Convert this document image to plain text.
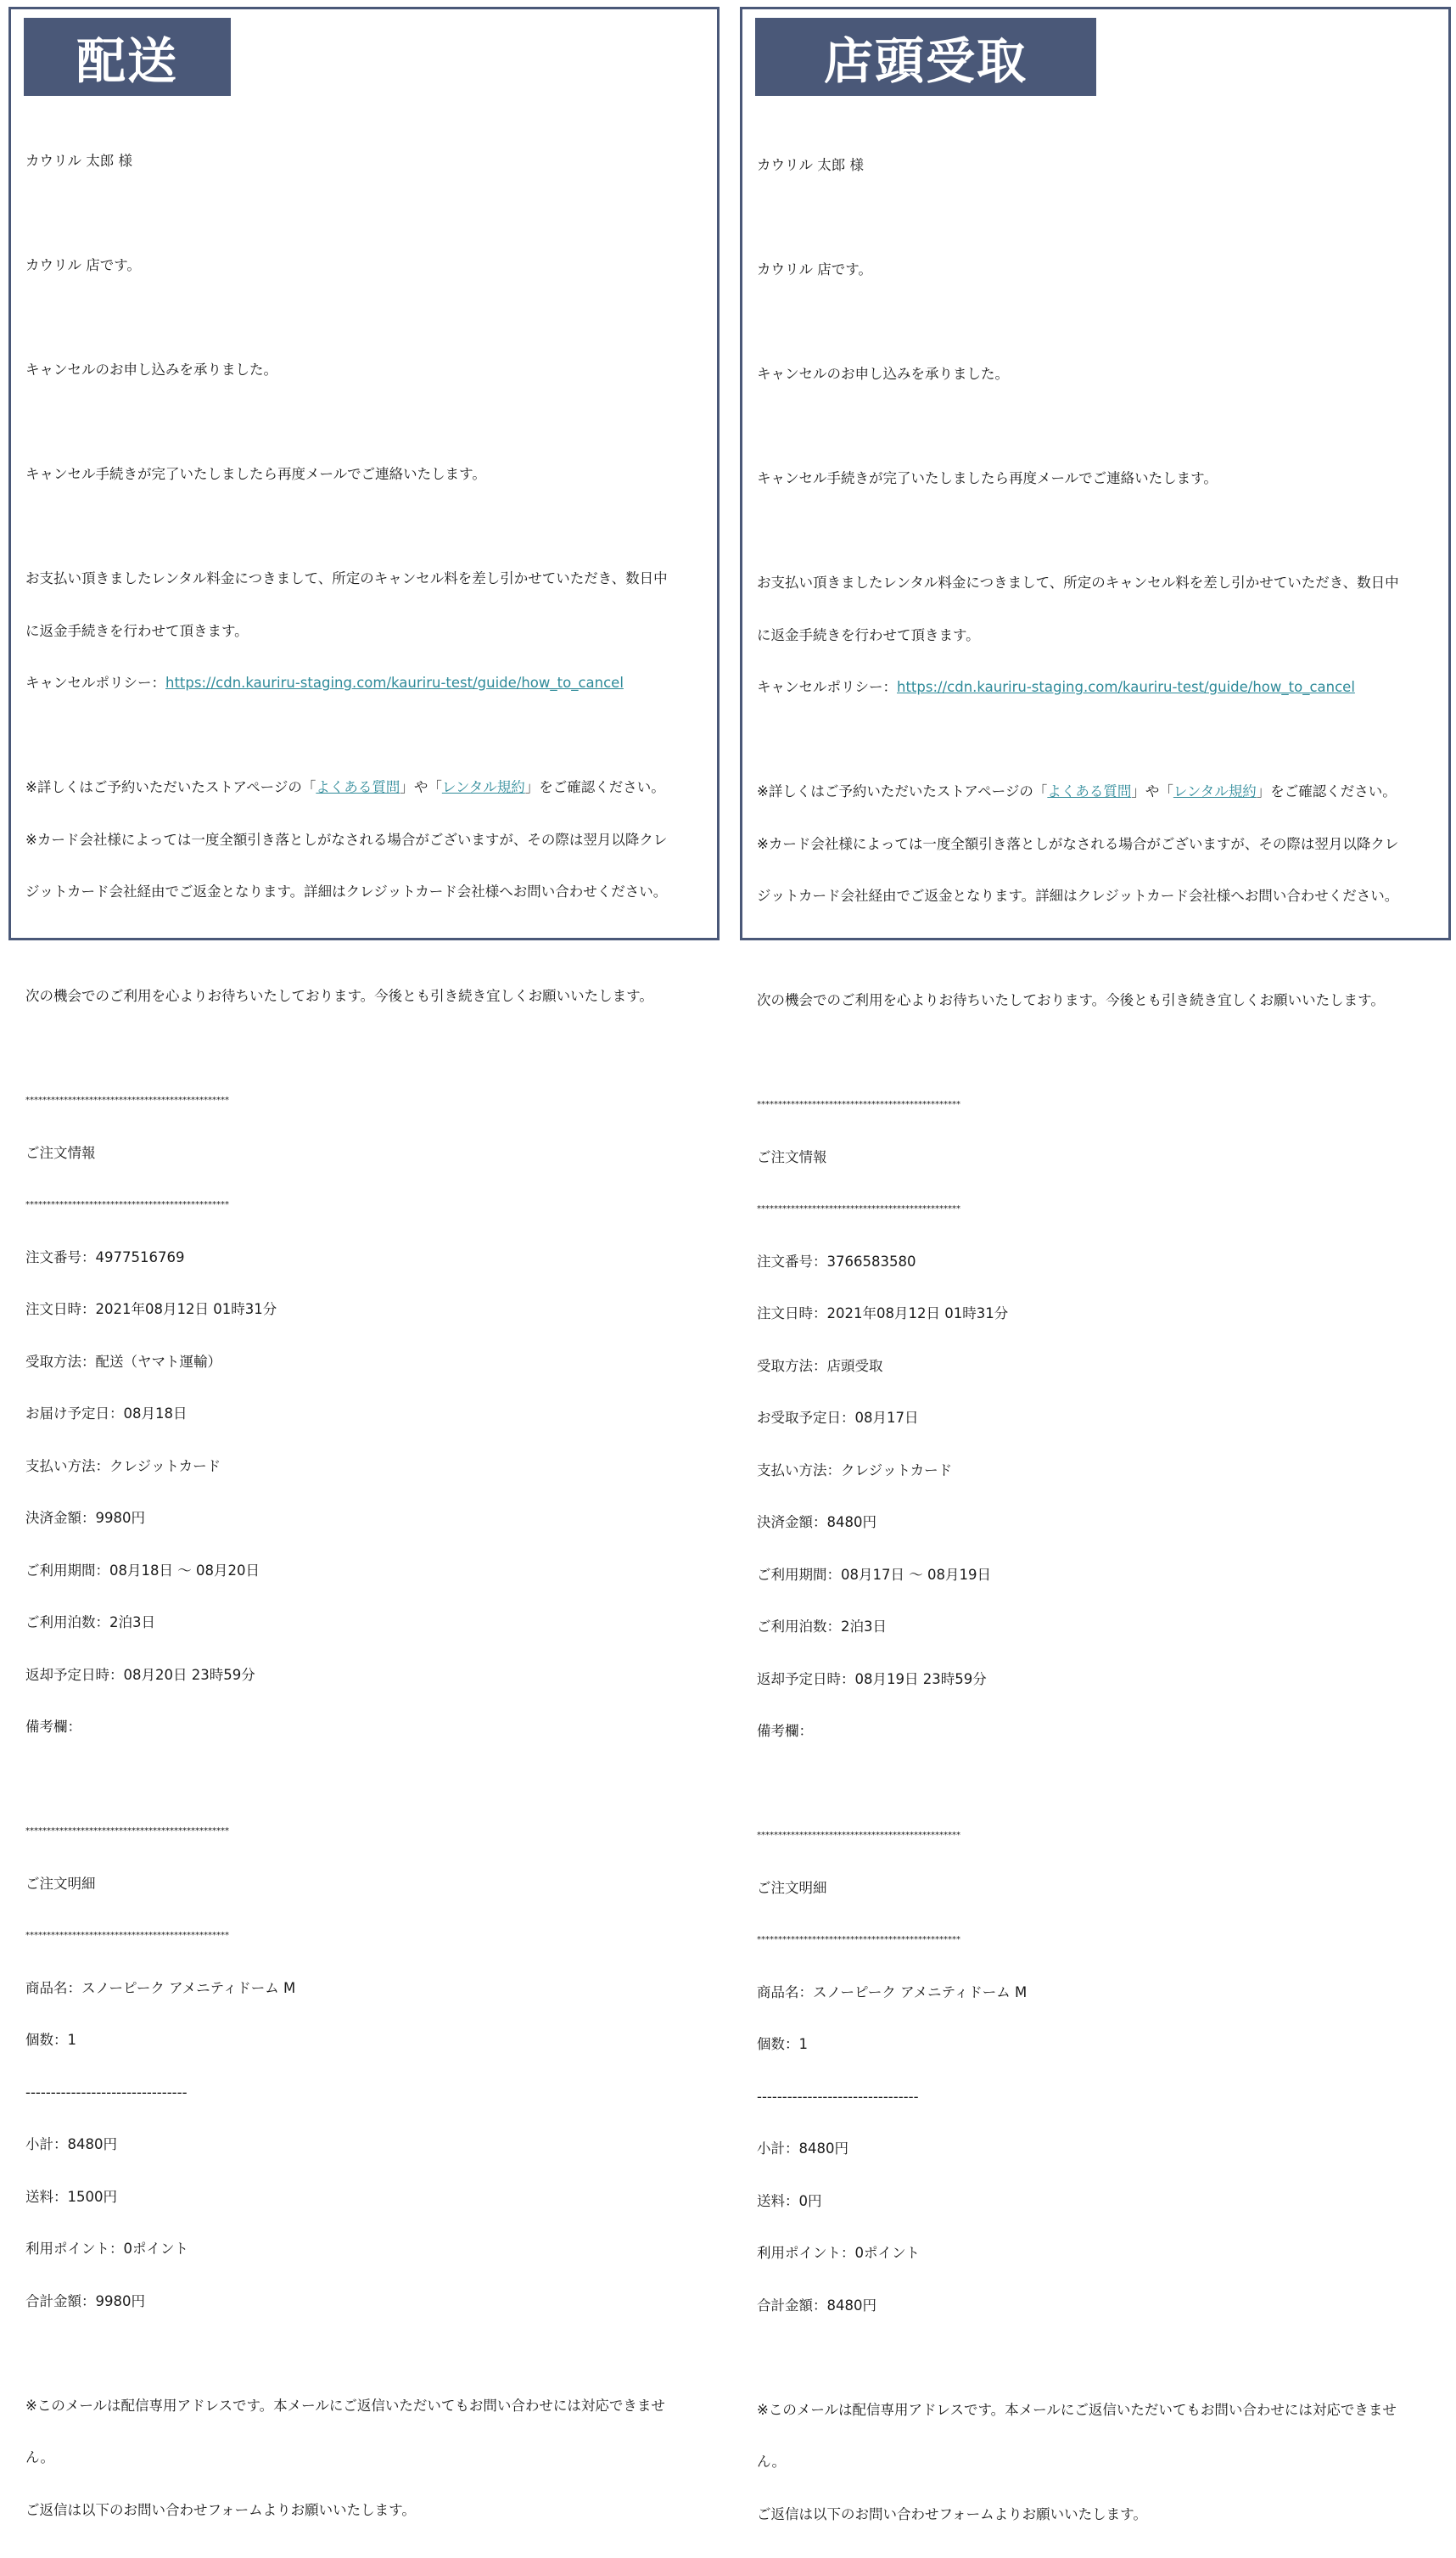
配送

カウリル 太郎 様

カウリル 店です。

キャンセルのお申し込みを承りました。

キャンセル手続きが完了いたしましたら再度メールでご連絡いたします。

お支払い頂きましたレンタル料金につきまして、所定のキャンセル料を差し引かせていただき、数日中

に返金手続きを行わせて頂きます。

キャンセルポリシー：https://cdn.kauriru-staging.com/kauriru-test/guide/how_to_cancel

※詳しくはご予約いただいたストアページの「よくある質問」や「レンタル規約」をご確認ください。

※カード会社様によっては一度全額引き落としがなされる場合がございますが、その際は翌月以降クレ

ジットカード会社経由でご返金となります。詳細はクレジットカード会社様へお問い合わせください。

次の機会でのご利用を心よりお待ちいたしております。今後とも引き続き宜しくお願いいたします。

************************************************

ご注文情報

************************************************

注文番号：4977516769

注文日時：2021年08月12日 01時31分

受取方法：配送（ヤマト運輸）

お届け予定日：08月18日

支払い方法：クレジットカード

決済金額：9980円

ご利用期間：08月18日 〜 08月20日

ご利用泊数：2泊3日

返却予定日時：08月20日 23時59分

備考欄：

************************************************

ご注文明細

************************************************

商品名：スノーピーク アメニティドーム M

個数：1

--------------------------------

小計：8480円

送料：1500円

利用ポイント：0ポイント

合計金額：9980円

※このメールは配信専用アドレスです。本メールにご返信いただいてもお問い合わせには対応できませ

ん。

ご返信は以下のお問い合わせフォームよりお願いいたします。

店頭受取

カウリル 太郎 様

カウリル 店です。

キャンセルのお申し込みを承りました。

キャンセル手続きが完了いたしましたら再度メールでご連絡いたします。

お支払い頂きましたレンタル料金につきまして、所定のキャンセル料を差し引かせていただき、数日中

に返金手続きを行わせて頂きます。

キャンセルポリシー：https://cdn.kauriru-staging.com/kauriru-test/guide/how_to_cancel

※詳しくはご予約いただいたストアページの「よくある質問」や「レンタル規約」をご確認ください。

※カード会社様によっては一度全額引き落としがなされる場合がございますが、その際は翌月以降クレ

ジットカード会社経由でご返金となります。詳細はクレジットカード会社様へお問い合わせください。

次の機会でのご利用を心よりお待ちいたしております。今後とも引き続き宜しくお願いいたします。

************************************************

ご注文情報

************************************************

注文番号：3766583580

注文日時：2021年08月12日 01時31分

受取方法：店頭受取

お受取予定日：08月17日

支払い方法：クレジットカード

決済金額：8480円

ご利用期間：08月17日 〜 08月19日

ご利用泊数：2泊3日

返却予定日時：08月19日 23時59分

備考欄：

************************************************

ご注文明細

************************************************

商品名：スノーピーク アメニティドーム M

個数：1

--------------------------------

小計：8480円

送料：0円

利用ポイント：0ポイント

合計金額：8480円

※このメールは配信専用アドレスです。本メールにご返信いただいてもお問い合わせには対応できませ

ん。

ご返信は以下のお問い合わせフォームよりお願いいたします。
